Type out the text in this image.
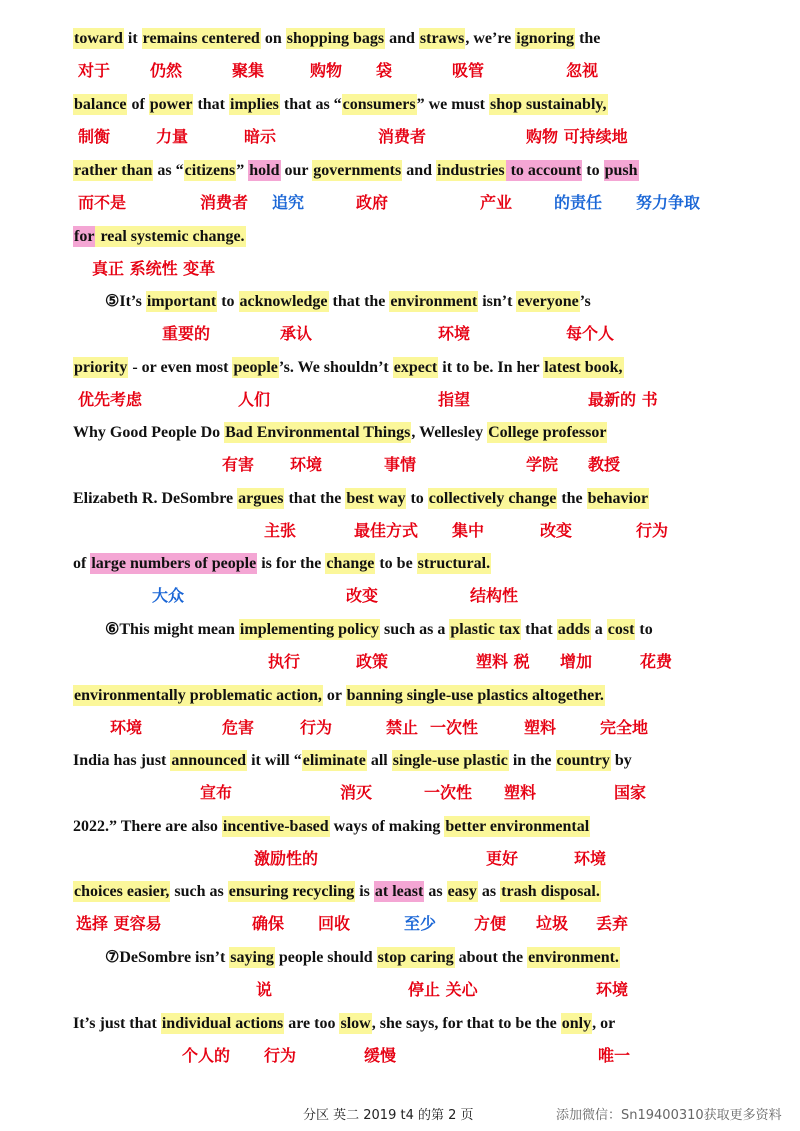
toward it remains centered on shopping bags and straws, we’re ignoring the
对于 仍然	聚集	购物 袋	吸管	忽视
balance of power that implies that as “consumers” we must shop sustainably,
制衡	力量	暗示	消费者	购物 可持续地
rather than as “citizens” hold our governments and industries to account to push
而不是	消费者 追究	政府	产业	的责任 努力争取
for real systemic change.
真正 系统性 变革
⑤It’s important to acknowledge that the environment isn’t everyone’s
重要的	承认	环境	每个人
priority - or even most people’s. We shouldn’t expect it to be. In her latest book,
优先考虑	人们	指望	最新的 书
Why Good People Do Bad Environmental Things, Wellesley College professor
有害 环境	事情	学院 教授
Elizabeth R. DeSombre argues that the best way to collectively change the behavior
主张	最佳方式 集中	改变	行为
of large numbers of people is for the change to be structural.
大众	改变	结构性
⑥This might mean implementing policy such as a plastic tax that adds a cost to
执行	政策	塑料 税 增加	花费
environmentally problematic action, or banning single-use plastics altogether.
环境	危害	行为	禁止 一次性	塑料	完全地
India has just announced it will “eliminate all single-use plastic in the country by
宣布	消灭	一次性 塑料	国家
2022.” There are also incentive-based ways of making better environmental
激励性的	更好	环境
choices easier, such as ensuring recycling is at least as easy as trash disposal.
选择 更容易	确保 回收	至少 方便 垃圾 丢弃
⑦DeSombre isn’t saying people should stop caring about the environment.
说	停止 关心	环境
It’s just that individual actions are too slow, she says, for that to be the only, or
个人的 行为	缓慢	唯一
分区 英二 2019 t4 的第 2 页	添加微信：Sn19400310获取更多资料
